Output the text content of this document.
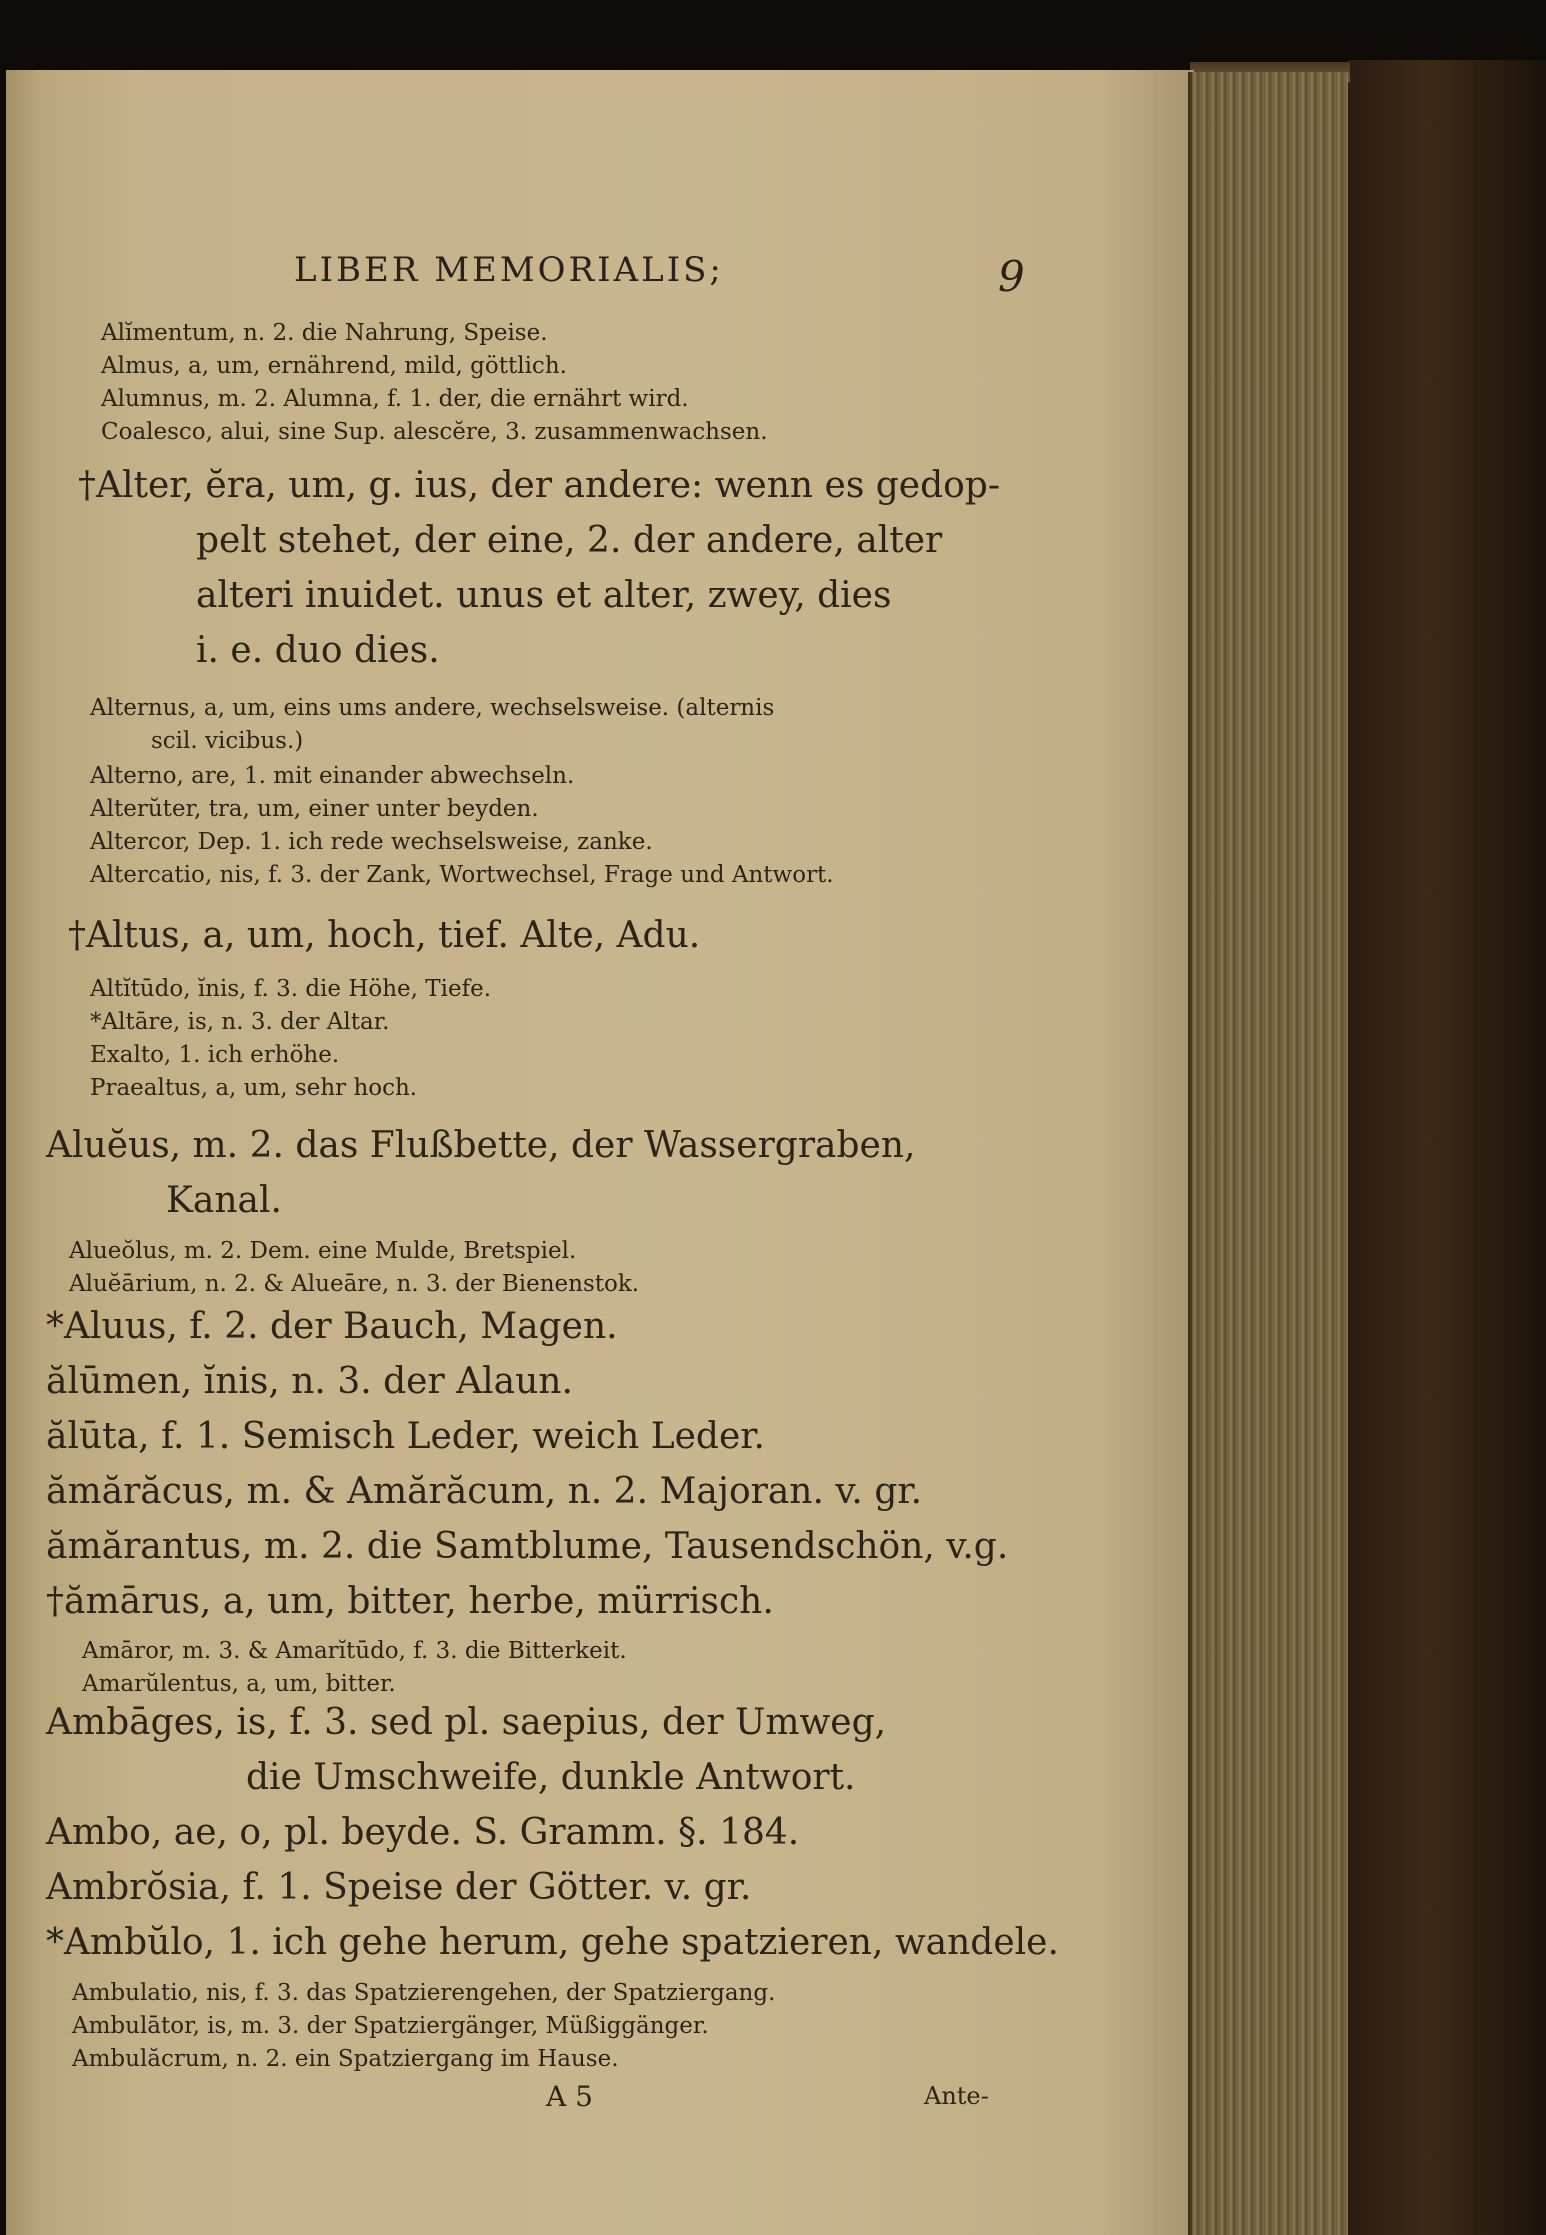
LIBER MEMORIALIS;	9
Alĭmentum, n. 2. die Nahrung, Speise.
Almus, a, um, ernährend, mild, göttlich.
Alumnus, m. 2. Alumna, f. 1. der, die ernährt wird.
Coalesco, alui, sine Sup. alescĕre, 3. zusammenwachsen.
†Alter, ĕra, um, g. ius, der andere: wenn es gedop-
pelt stehet, der eine, 2. der andere, alter
alteri inuidet. unus et alter, zwey, dies
i. e. duo dies.
Alternus, a, um, eins ums andere, wechselsweise. (alternis
scil. vicibus.)
Alterno, are, 1. mit einander abwechseln.
Alterŭter, tra, um, einer unter beyden.
Altercor, Dep. 1. ich rede wechselsweise, zanke.
Altercatio, nis, f. 3. der Zank, Wortwechsel, Frage und Antwort.
†Altus, a, um, hoch, tief. Alte, Adu.
Altĭtūdo, ĭnis, f. 3. die Höhe, Tiefe.
*Altāre, is, n. 3. der Altar.
Exalto, 1. ich erhöhe.
Praealtus, a, um, sehr hoch.
Aluĕus, m. 2. das Flußbette, der Wassergraben,
Kanal.
Alueŏlus, m. 2. Dem. eine Mulde, Bretspiel.
Aluĕārium, n. 2. & Alueāre, n. 3. der Bienenstok.
*Aluus, f. 2. der Bauch, Magen.
ălūmen, ĭnis, n. 3. der Alaun.
ălūta, f. 1. Semisch Leder, weich Leder.
ămărăcus, m. & Amărăcum, n. 2. Majoran. v. gr.
ămărantus, m. 2. die Samtblume, Tausendschön, v.g.
†ămārus, a, um, bitter, herbe, mürrisch.
Amāror, m. 3. & Amarĭtūdo, f. 3. die Bitterkeit.
Amarŭlentus, a, um, bitter.
Ambāges, is, f. 3. sed pl. saepius, der Umweg,
die Umschweife, dunkle Antwort.
Ambo, ae, o, pl. beyde. S. Gramm. §. 184.
Ambrŏsia, f. 1. Speise der Götter. v. gr.
*Ambŭlo, 1. ich gehe herum, gehe spatzieren, wandele.
Ambulatio, nis, f. 3. das Spatzierengehen, der Spatziergang.
Ambulātor, is, m. 3. der Spatziergänger, Müßiggänger.
Ambulăcrum, n. 2. ein Spatziergang im Hause.
A 5	Ante-
